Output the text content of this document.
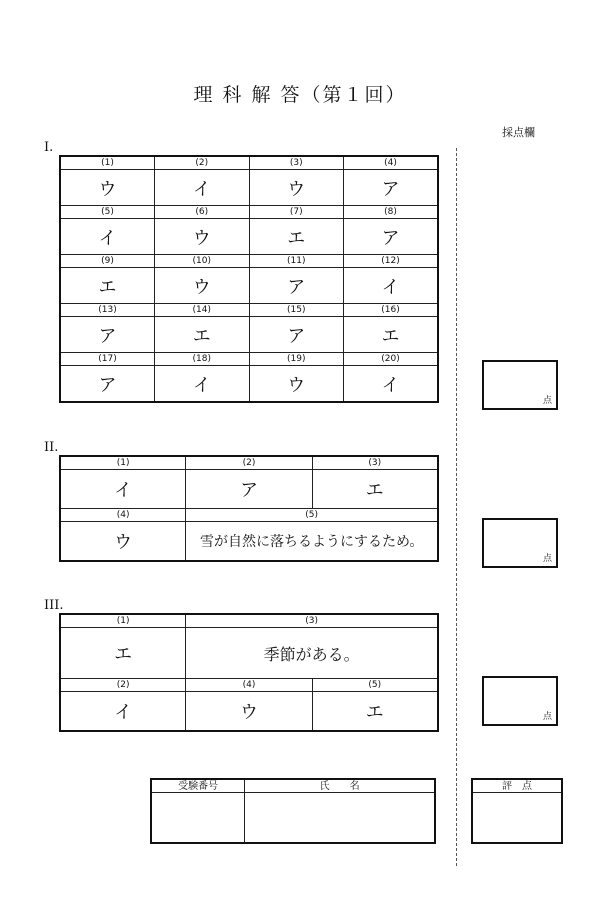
理 科 解 答（第１回）
採点欄
I.
(1)	(2)	(3)	(4)
ウ	イ	ウ	ア
(5)	(6)	(7)	(8)
イ	ウ	エ	ア
(9)	(10)	(11)	(12)
エ	ウ	ア	イ
(13)	(14)	(15)	(16)
ア	エ	ア	エ
(17)	(18)	(19)	(20)
ア	イ	ウ	イ
II.
(1)	(2)	(3)
イ	ア	エ
(4)	(5)	
ウ	雪が自然に落ちるようにするため。	
III.
(1)	(3)	
エ	季節がある。	
(2)	(4)	(5)
イ	ウ	エ
点
点
点
受験番号	氏　　名
		評　点
